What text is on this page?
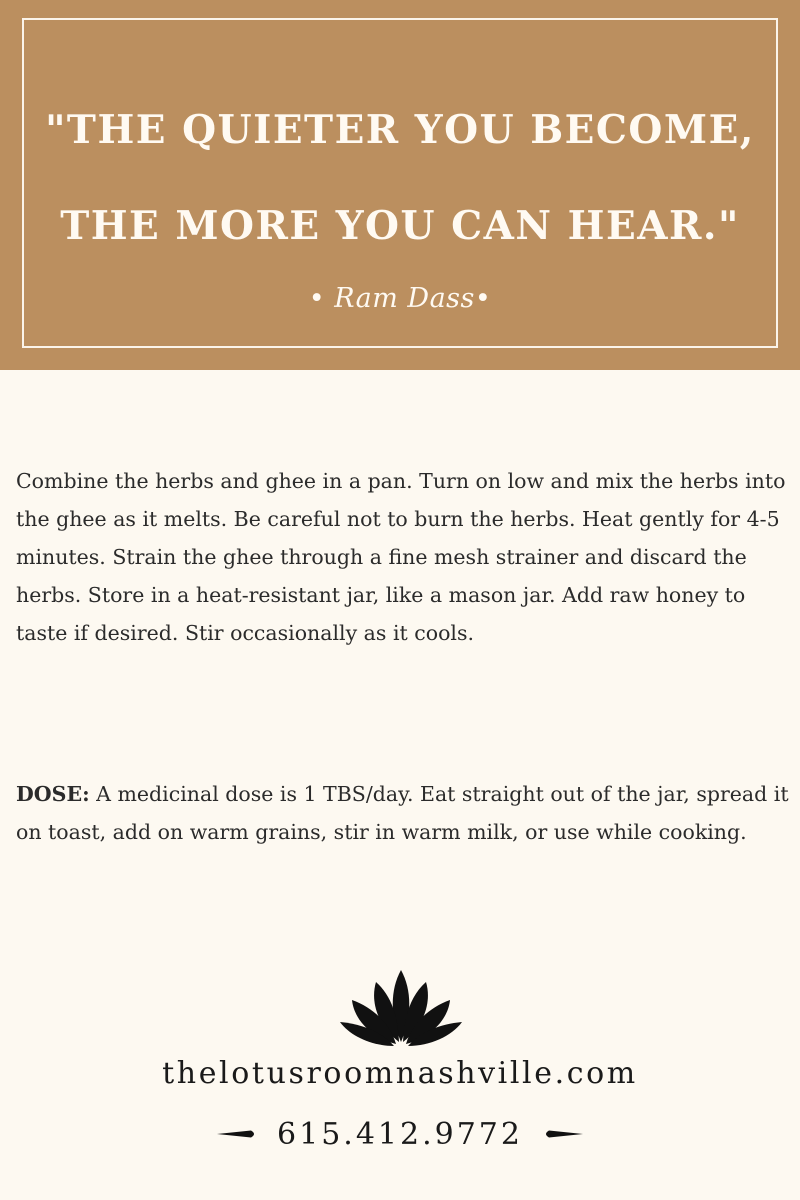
"THE QUIETER YOU BECOME,
THE MORE YOU CAN HEAR."
• Ram Dass•

Combine the herbs and ghee in a pan. Turn on low and mix the herbs into the ghee as it melts. Be careful not to burn the herbs. Heat gently for 4-5 minutes. Strain the ghee through a fine mesh strainer and discard the herbs. Store in a heat-resistant jar, like a mason jar. Add raw honey to taste if desired. Stir occasionally as it cools.

DOSE: A medicinal dose is 1 TBS/day. Eat straight out of the jar, spread it on toast, add on warm grains, stir in warm milk, or use while cooking.
thelotusroomnashville.com
615.412.9772
